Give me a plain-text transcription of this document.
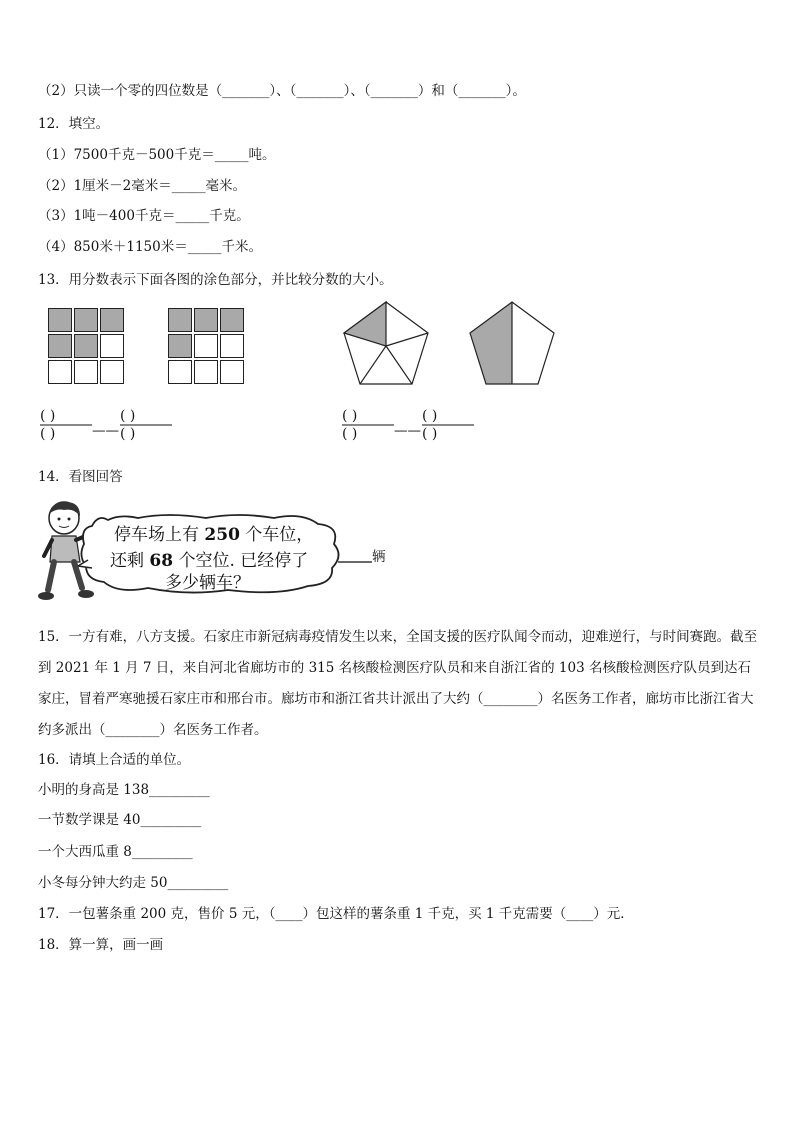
（2）只读一个零的四位数是（_______）、（_______）、（_______）和（_______）。
12．填空。
（1）7500千克－500千克＝_____吨。
（2）1厘米－2毫米＝_____毫米。
（3）1吨－400千克＝_____千克。
（4）850米＋1150米＝_____千米。
13．用分数表示下面各图的涂色部分，并比较分数的大小。
( )
( )	——
( )
( )
( )
( )	——
( )
( )
14．看图回答
停车场上有 250 个车位，
还剩 68 个空位. 已经停了
多少辆车？
辆
15．一方有难，八方支援。石家庄市新冠病毒疫情发生以来，全国支援的医疗队闻令而动，迎难逆行，与时间赛跑。截至到 2021 年 1 月 7 日，来自河北省廊坊市的 315 名核酸检测医疗队员和来自浙江省的 103 名核酸检测医疗队员到达石家庄，冒着严寒驰援石家庄市和邢台市。廊坊市和浙江省共计派出了大约（________）名医务工作者，廊坊市比浙江省大约多派出（________）名医务工作者。
16．请填上合适的单位。
小明的身高是 138_________
一节数学课是 40_________
一个大西瓜重 8_________
小冬每分钟大约走 50_________
17．一包薯条重 200 克，售价 5 元，（____）包这样的薯条重 1 千克，买 1 千克需要（____）元．
18．算一算，画一画
